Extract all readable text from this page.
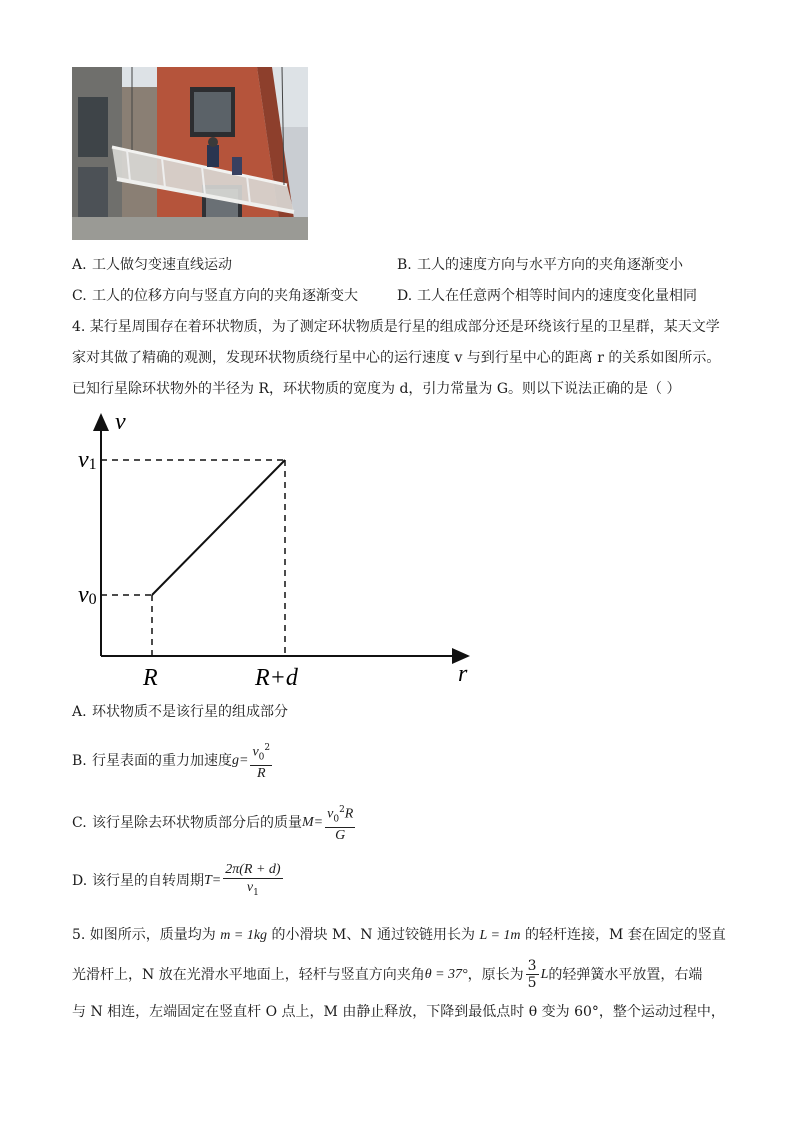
A. 工人做匀变速直线运动	B. 工人的速度方向与水平方向的夹角逐渐变小
C. 工人的位移方向与竖直方向的夹角逐渐变大	D. 工人在任意两个相等时间内的速度变化量相同
4. 某行星周围存在着环状物质，为了测定环状物质是行星的组成部分还是环绕该行星的卫星群，某天文学
家对其做了精确的观测，发现环状物质绕行星中心的运行速度 v 与到行星中心的距离 r 的关系如图所示。
已知行星除环状物外的半径为 R，环状物质的宽度为 d，引力常量为 G。则以下说法正确的是（ ）
v
r
v1
v0
R	R+d
A. 环状物质不是该行星的组成部分
B. 行星表面的重力加速度 $g= \frac{v_0^2}{R}$
C. 该行星除去环状物质部分后的质量 $M= \frac{v_0^2R}{G}$
D. 该行星的自转周期 $T= \frac{2\pi(R + d)}{v_1}$
5. 如图所示，质量均为 m = 1kg 的小滑块 M、N 通过铰链用长为 L = 1m 的轻杆连接，M 套在固定的竖直
光滑杆上，N 放在光滑水平地面上，轻杆与竖直方向夹角 θ = 37° ，原长为 $\frac{3}{5}$ L 的轻弹簧水平放置，右端
与 N 相连，左端固定在竖直杆 O 点上，M 由静止释放，下降到最低点时 θ 变为 60°，整个运动过程中，
